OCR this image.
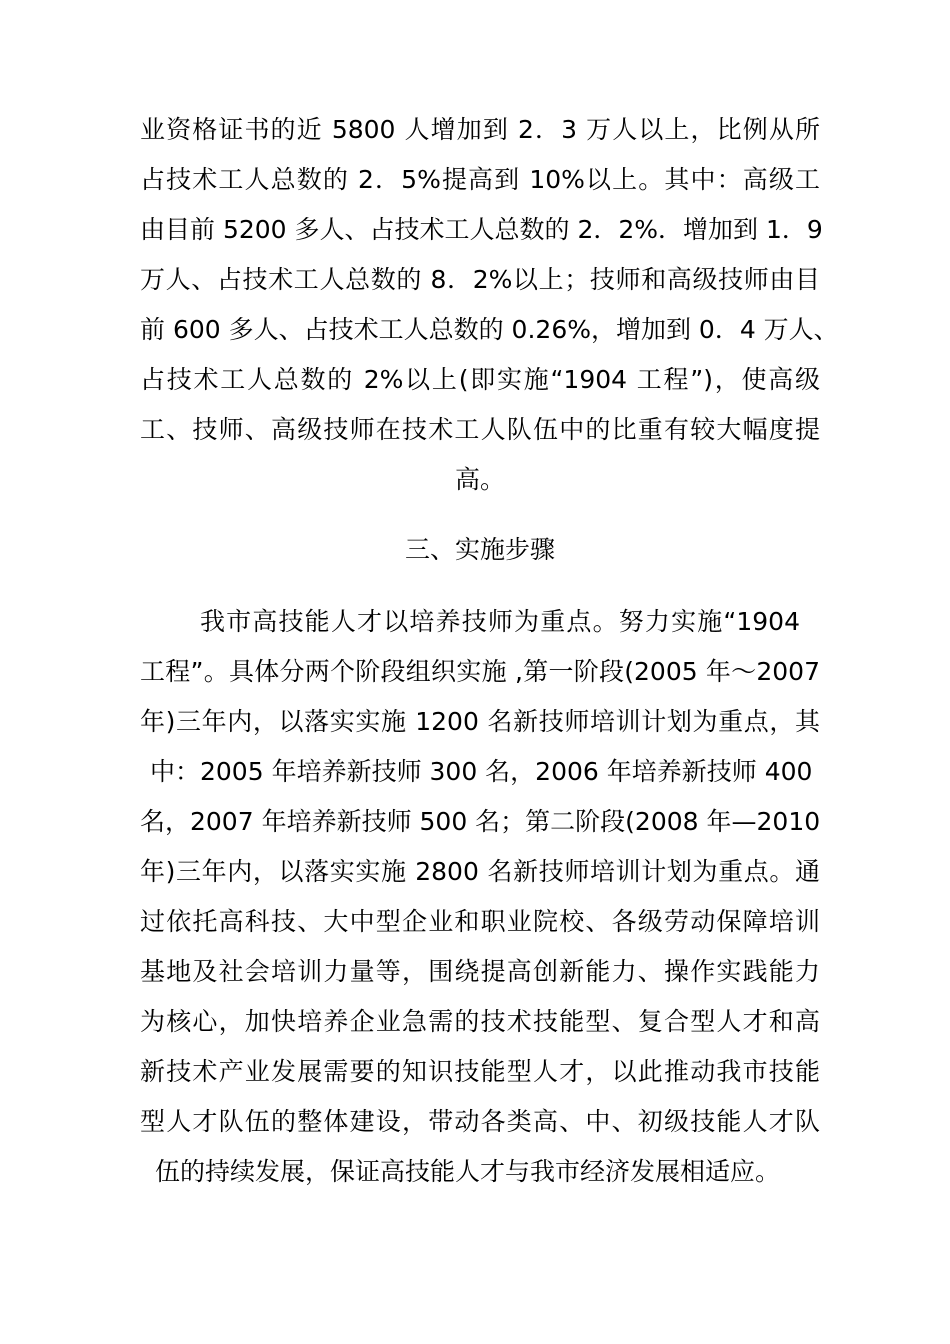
业资格证书的近 5800 人增加到 2．3 万人以上，比例从所
占技术工人总数的 2．5%提高到 10%以上。其中：高级工
由目前 5200 多人、占技术工人总数的 2．2%．增加到 1．9
万人、占技术工人总数的 8．2%以上；技师和高级技师由目
前 600 多人、占技术工人总数的 0.26%，增加到 0．4 万人、
占技术工人总数的 2%以上(即实施“1904 工程”)，使高级
工、技师、高级技师在技术工人队伍中的比重有较大幅度提
高。
三、实施步骤
我市高技能人才以培养技师为重点。努力实施“1904
工程”。具体分两个阶段组织实施 ,第一阶段(2005 年～2007
年)三年内，以落实实施 1200 名新技师培训计划为重点，其
中：2005 年培养新技师 300 名，2006 年培养新技师 400
名，2007 年培养新技师 500 名；第二阶段(2008 年—2010
年)三年内，以落实实施 2800 名新技师培训计划为重点。通
过依托高科技、大中型企业和职业院校、各级劳动保障培训
基地及社会培训力量等，围绕提高创新能力、操作实践能力
为核心，加快培养企业急需的技术技能型、复合型人才和高
新技术产业发展需要的知识技能型人才，以此推动我市技能
型人才队伍的整体建设，带动各类高、中、初级技能人才队
伍的持续发展，保证高技能人才与我市经济发展相适应。
